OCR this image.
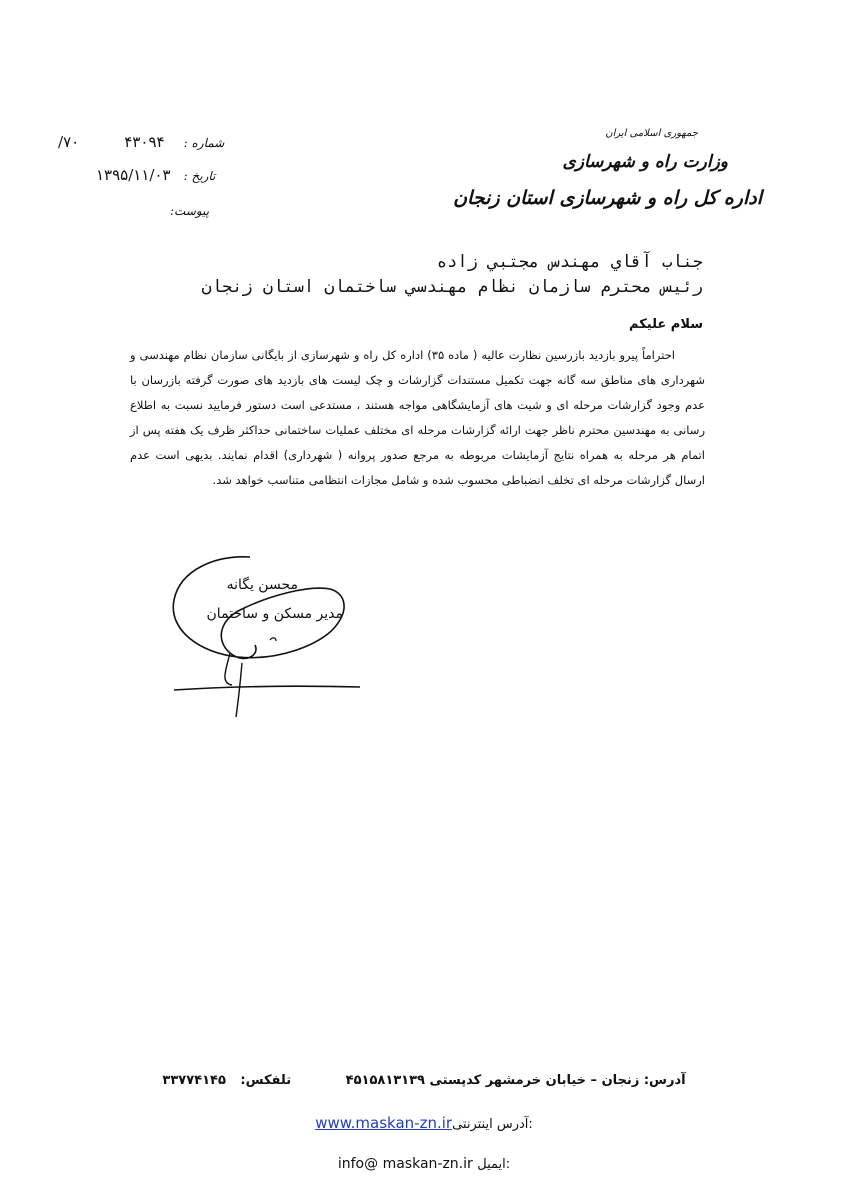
شماره : ۴۳۰۹۴ ۷۰/
تاریخ : ۱۳۹۵/۱۱/۰۳
پیوست:
جمهوری اسلامی ایران
وزارت راه و شهرسازی
اداره کل راه و شهرسازی استان زنجان
جناب آقاي مهندس مجتبي زاده
رئيس محترم سازمان نظام مهندسي ساختمان استان زنجان
سلام علیکم

احتراماً پیرو بازدید بازرسین نظارت عالیه ( ماده ۳۵) اداره کل راه و شهرسازی از بایگانی سازمان نظام مهندسی و شهرداری های مناطق سه گانه جهت تکمیل مستندات گزارشات و چک لیست های بازدید های صورت گرفته بازرسان با عدم وجود گزارشات مرحله ای و شیت های آزمایشگاهی مواجه هستند ، مستدعی است دستور فرمایید نسبت به اطلاع رسانی به مهندسین محترم ناظر جهت ارائه گزارشات مرحله ای مختلف عملیات ساختمانی حداکثر ظرف یک هفته پس از اتمام هر مرحله به همراه نتایج آزمایشات مربوطه به مرجع صدور پروانه ( شهرداری) اقدام نمایند. بدیهی است عدم ارسال گزارشات مرحله ای تخلف انضباطی محسوب شده و شامل مجازات انتظامی متناسب خواهد شد.

محسن یگانه
مدیر مسکن و ساختمان
آدرس: زنجان – خیابان خرمشهر کدپستی ۴۵۱۵۸۱۳۱۳۹ تلفکس: ۳۳۷۷۴۱۴۵
www.maskan-zn.irآدرس اینترنتی:
info@ maskan-zn.ir ایمیل:
